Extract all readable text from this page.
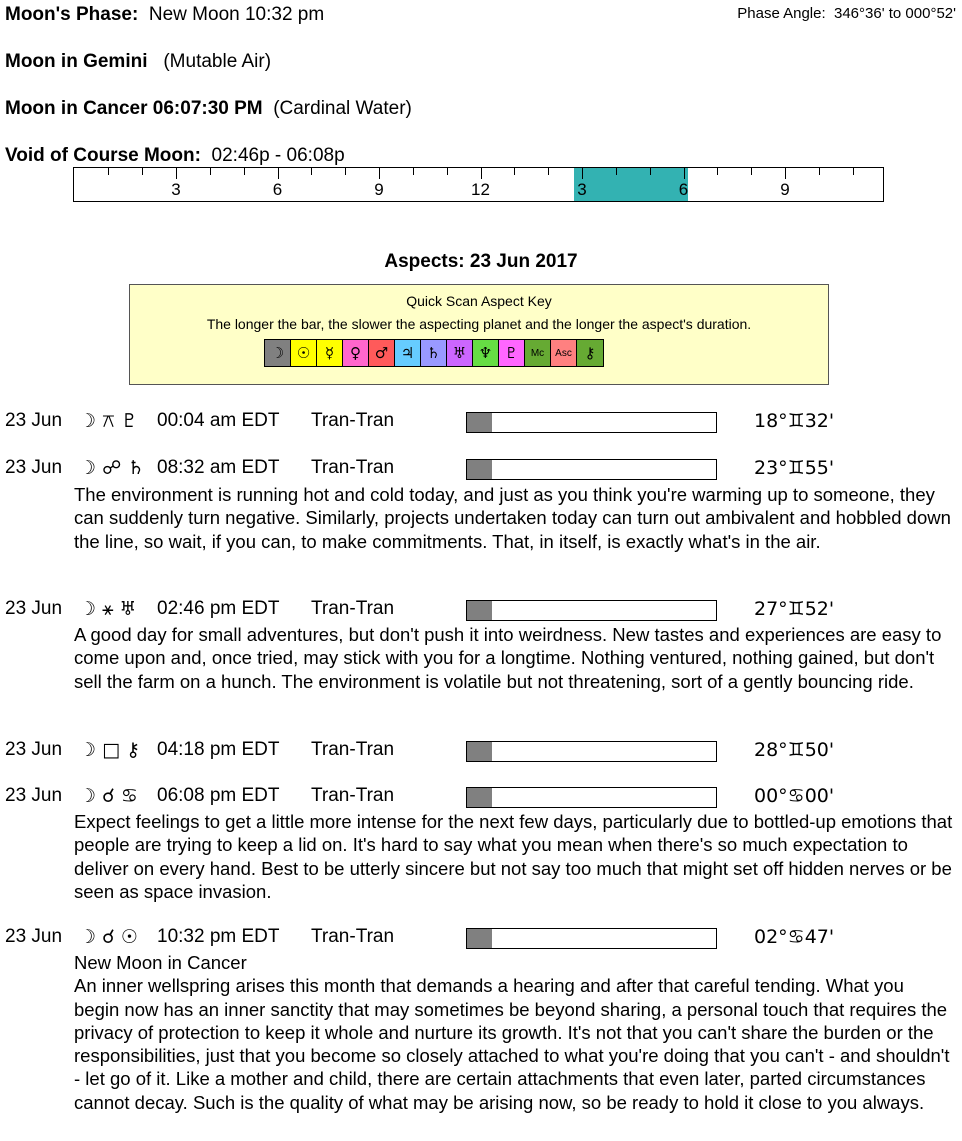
Moon's Phase: New Moon 10:32 pm	Phase Angle: 346°36' to 000°52'
Moon in Gemini (Mutable Air)
Moon in Cancer 06:07:30 PM (Cardinal Water)
Void of Course Moon: 02:46p - 06:08p
3	6	9	12	3	6	9
Aspects: 23 Jun 2017
Quick Scan Aspect Key
The longer the bar, the slower the aspecting planet and the longer the aspect's duration.
☽ ☉ ☿	♀ ♂ ♃ ♄ ♅ ♆ ♇	Mc	Asc ⚷
23 Jun ☽ ⚻ ♇ 00:04 am EDT Tran-Tran	18°♊32'
23 Jun ☽ ☍ ♄ 08:32 am EDT Tran-Tran	23°♊55'
The environment is running hot and cold today, and just as you think you're warming up to someone, they can suddenly turn negative. Similarly, projects undertaken today can turn out ambivalent and hobbled down the line, so wait, if you can, to make commitments. That, in itself, is exactly what's in the air.
23 Jun ☽ ⚹ ♅ 02:46 pm EDT Tran-Tran	27°♊52'
A good day for small adventures, but don't push it into weirdness. New tastes and experiences are easy to come upon and, once tried, may stick with you for a longtime. Nothing ventured, nothing gained, but don't sell the farm on a hunch. The environment is volatile but not threatening, sort of a gently bouncing ride.
23 Jun ☽ □ ⚷ 04:18 pm EDT Tran-Tran	28°♊50'
23 Jun ☽ ☌ ♋ 06:08 pm EDT Tran-Tran	00°♋00'
Expect feelings to get a little more intense for the next few days, particularly due to bottled-up emotions that people are trying to keep a lid on. It's hard to say what you mean when there's so much expectation to deliver on every hand. Best to be utterly sincere but not say too much that might set off hidden nerves or be seen as space invasion.
23 Jun ☽ ☌ ☉ 10:32 pm EDT Tran-Tran	02°♋47'
New Moon in Cancer
An inner wellspring arises this month that demands a hearing and after that careful tending. What you begin now has an inner sanctity that may sometimes be beyond sharing, a personal touch that requires the privacy of protection to keep it whole and nurture its growth. It's not that you can't share the burden or the responsibilities, just that you become so closely attached to what you're doing that you can't - and shouldn't - let go of it. Like a mother and child, there are certain attachments that even later, parted circumstances cannot decay. Such is the quality of what may be arising now, so be ready to hold it close to you always.
